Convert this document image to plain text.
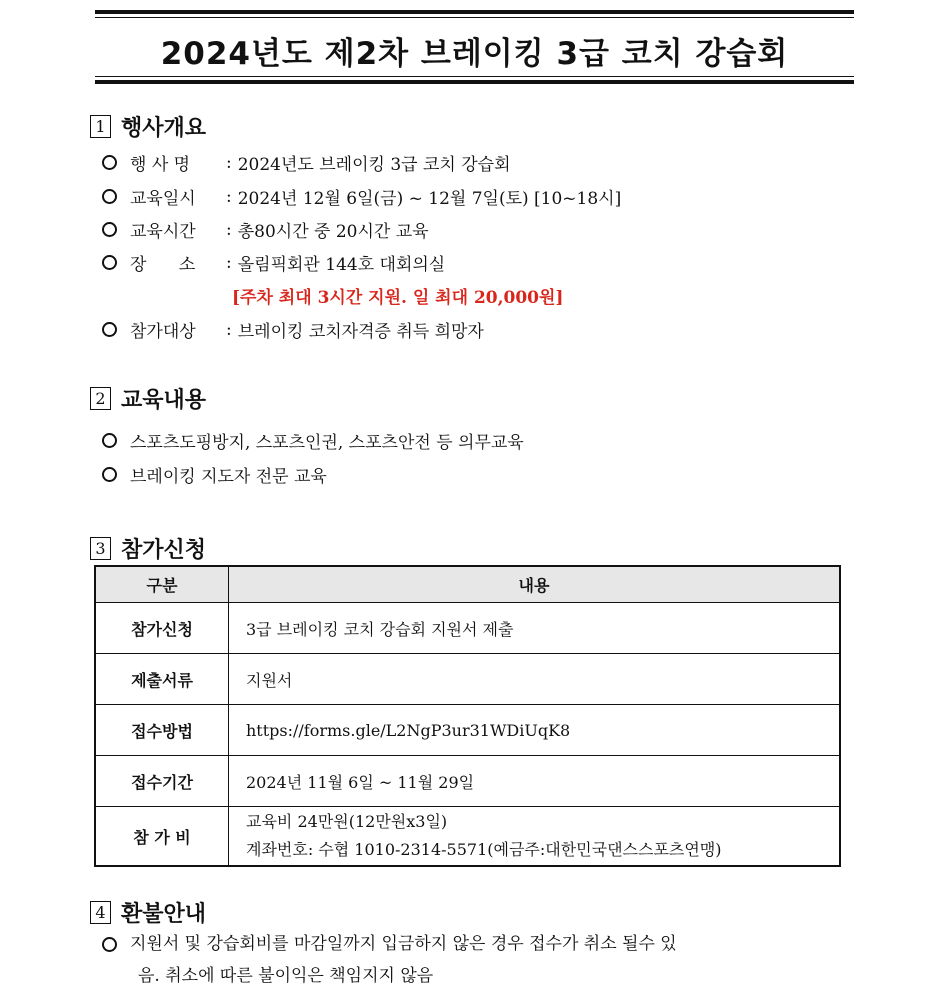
2024년도 제2차 브레이킹 3급 코치 강습회
1 행사개요
행 사 명	: 2024년도 브레이킹 3급 코치 강습회
교육일시	: 2024년 12월 6일(금) ~ 12월 7일(토) [10~18시]
교육시간	: 총80시간 중 20시간 교육
장      소	: 올림픽회관 144호 대회의실
[주차 최대 3시간 지원. 일 최대 20,000원]
참가대상	: 브레이킹 코치자격증 취득 희망자
2 교육내용
스포츠도핑방지, 스포츠인권, 스포츠안전 등 의무교육
브레이킹 지도자 전문 교육
3 참가신청
구분	내용
참가신청	3급 브레이킹 코치 강습회 지원서 제출
제출서류	지원서
접수방법	https://forms.gle/L2NgP3ur31WDiUqK8
접수기간	2024년 11월 6일 ~ 11월 29일
참 가 비	교육비 24만원(12만원x3일)
계좌번호: 수협 1010-2314-5571(예금주:대한민국댄스스포츠연맹)
4 환불안내
지원서 및 강습회비를 마감일까지 입금하지 않은 경우 접수가 취소 될수 있
음. 취소에 따른 불이익은 책임지지 않음
